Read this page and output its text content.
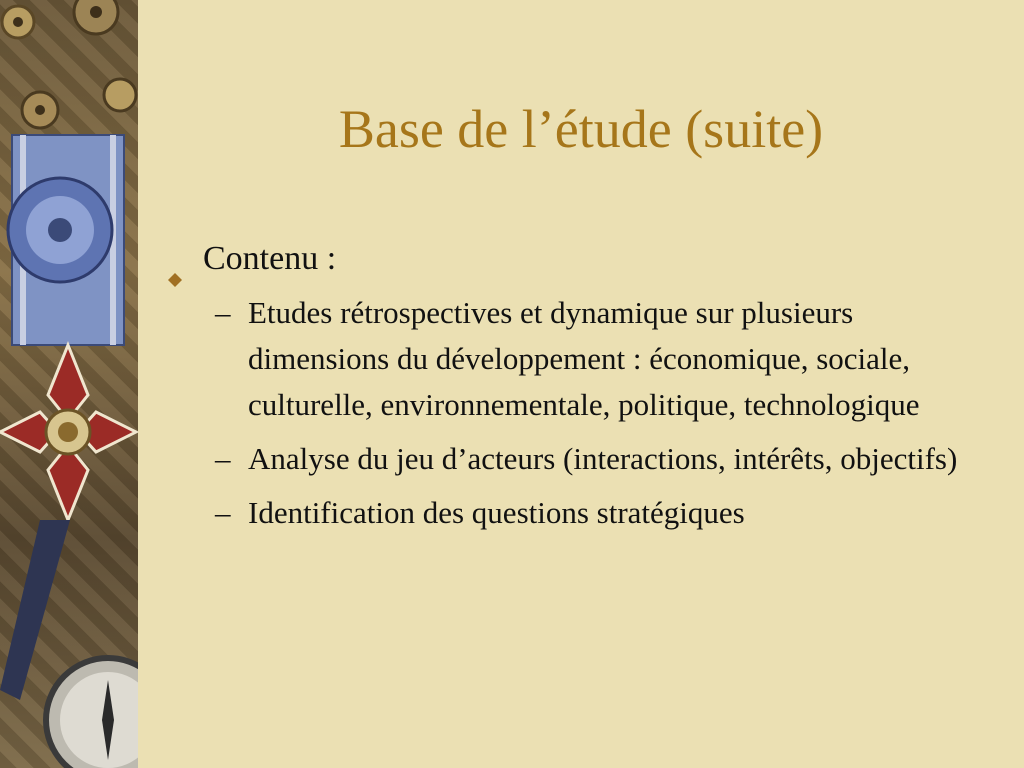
Base de l’étude (suite)
Contenu :
– Etudes rétrospectives et dynamique sur plusieurs dimensions du développement : économique, sociale, culturelle, environnementale, politique, technologique
– Analyse du jeu d’acteurs (interactions, intérêts, objectifs)
– Identification des questions stratégiques
